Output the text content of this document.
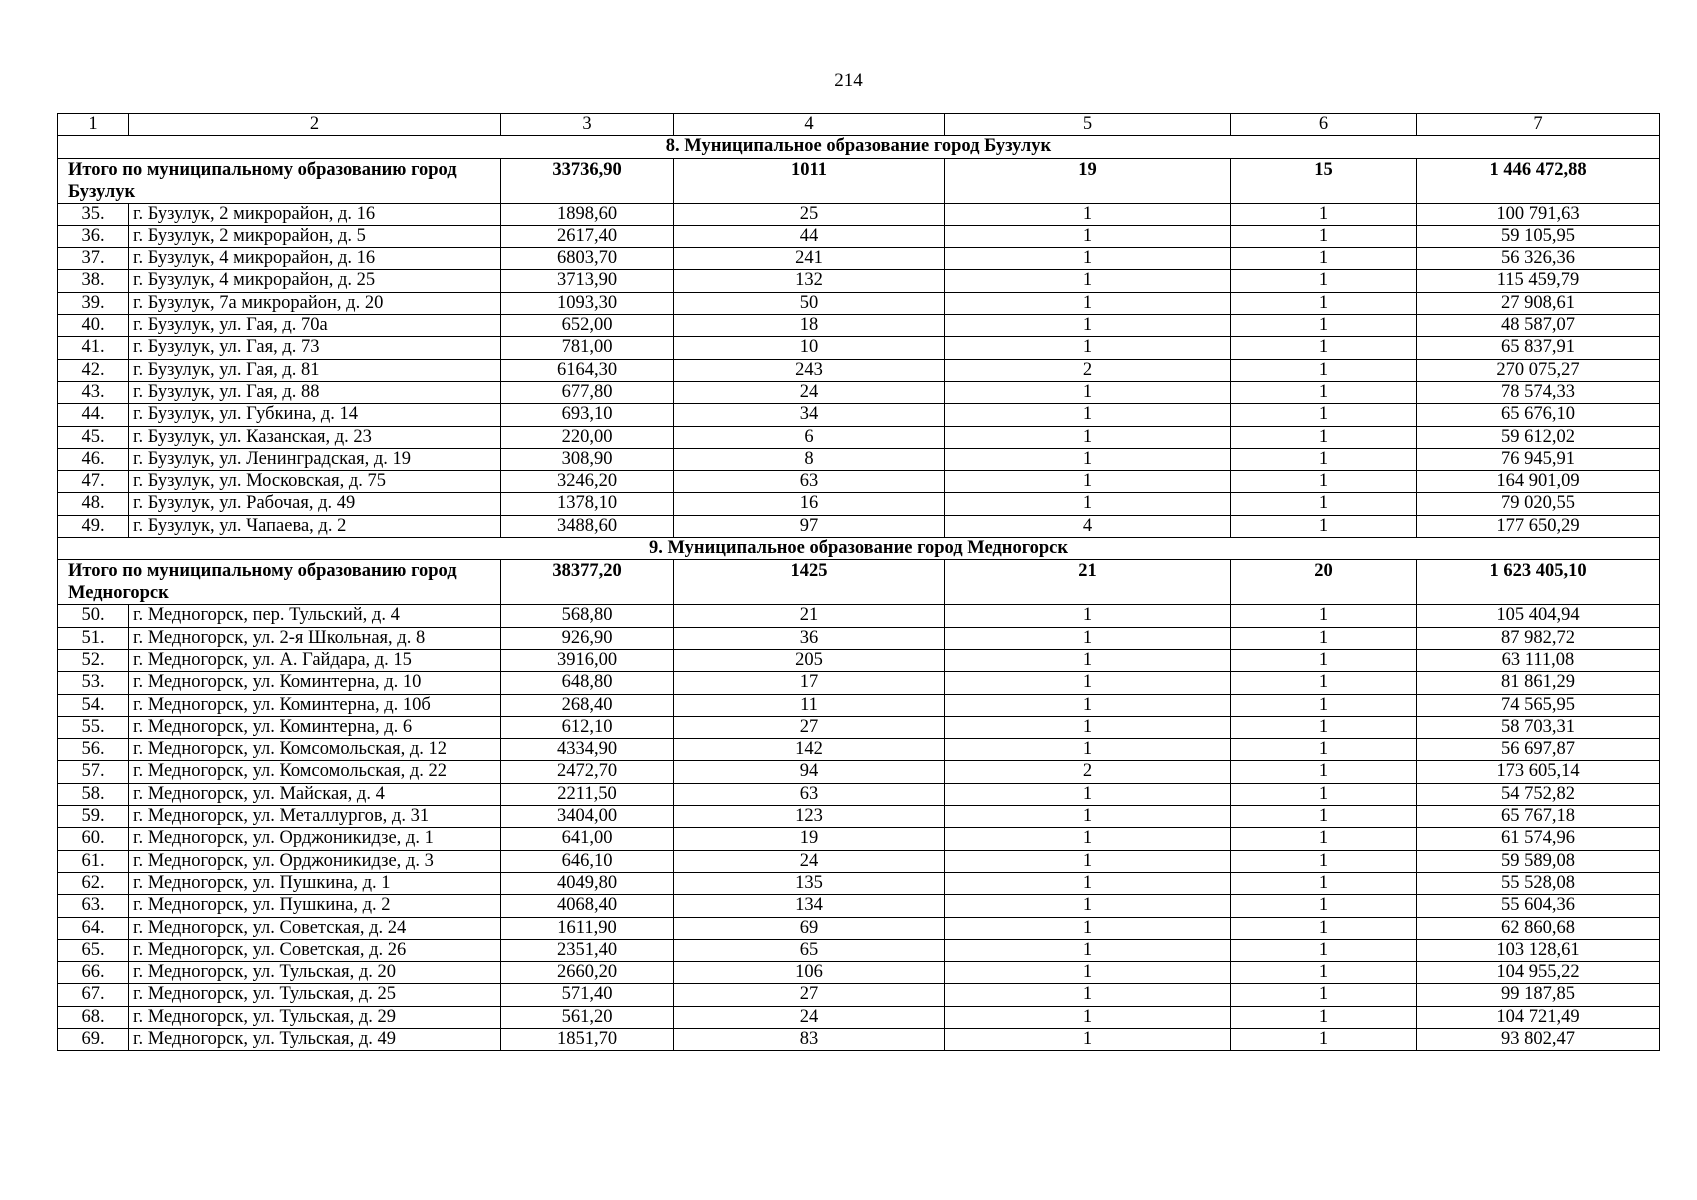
214
1	2	3	4	5	6	7
8. Муниципальное образование город Бузулук						
Итого по муниципальному образованию город Бузулук		33736,90	1011	19	15	1 446 472,88
35.	г. Бузулук, 2 микрорайон, д. 16	1898,60	25	1	1	100 791,63
36.	г. Бузулук, 2 микрорайон, д. 5	2617,40	44	1	1	59 105,95
37.	г. Бузулук, 4 микрорайон, д. 16	6803,70	241	1	1	56 326,36
38.	г. Бузулук, 4 микрорайон, д. 25	3713,90	132	1	1	115 459,79
39.	г. Бузулук, 7а микрорайон, д. 20	1093,30	50	1	1	27 908,61
40.	г. Бузулук, ул. Гая, д. 70а	652,00	18	1	1	48 587,07
41.	г. Бузулук, ул. Гая, д. 73	781,00	10	1	1	65 837,91
42.	г. Бузулук, ул. Гая, д. 81	6164,30	243	2	1	270 075,27
43.	г. Бузулук, ул. Гая, д. 88	677,80	24	1	1	78 574,33
44.	г. Бузулук, ул. Губкина, д. 14	693,10	34	1	1	65 676,10
45.	г. Бузулук, ул. Казанская, д. 23	220,00	6	1	1	59 612,02
46.	г. Бузулук, ул. Ленинградская, д. 19	308,90	8	1	1	76 945,91
47.	г. Бузулук, ул. Московская, д. 75	3246,20	63	1	1	164 901,09
48.	г. Бузулук, ул. Рабочая, д. 49	1378,10	16	1	1	79 020,55
49.	г. Бузулук, ул. Чапаева, д. 2	3488,60	97	4	1	177 650,29
9. Муниципальное образование город Медногорск						
Итого по муниципальному образованию город Медногорск		38377,20	1425	21	20	1 623 405,10
50.	г. Медногорск, пер. Тульский, д. 4	568,80	21	1	1	105 404,94
51.	г. Медногорск, ул. 2-я Школьная, д. 8	926,90	36	1	1	87 982,72
52.	г. Медногорск, ул. А. Гайдара, д. 15	3916,00	205	1	1	63 111,08
53.	г. Медногорск, ул. Коминтерна, д. 10	648,80	17	1	1	81 861,29
54.	г. Медногорск, ул. Коминтерна, д. 10б	268,40	11	1	1	74 565,95
55.	г. Медногорск, ул. Коминтерна, д. 6	612,10	27	1	1	58 703,31
56.	г. Медногорск, ул. Комсомольская, д. 12	4334,90	142	1	1	56 697,87
57.	г. Медногорск, ул. Комсомольская, д. 22	2472,70	94	2	1	173 605,14
58.	г. Медногорск, ул. Майская, д. 4	2211,50	63	1	1	54 752,82
59.	г. Медногорск, ул. Металлургов, д. 31	3404,00	123	1	1	65 767,18
60.	г. Медногорск, ул. Орджоникидзе, д. 1	641,00	19	1	1	61 574,96
61.	г. Медногорск, ул. Орджоникидзе, д. 3	646,10	24	1	1	59 589,08
62.	г. Медногорск, ул. Пушкина, д. 1	4049,80	135	1	1	55 528,08
63.	г. Медногорск, ул. Пушкина, д. 2	4068,40	134	1	1	55 604,36
64.	г. Медногорск, ул. Советская, д. 24	1611,90	69	1	1	62 860,68
65.	г. Медногорск, ул. Советская, д. 26	2351,40	65	1	1	103 128,61
66.	г. Медногорск, ул. Тульская, д. 20	2660,20	106	1	1	104 955,22
67.	г. Медногорск, ул. Тульская, д. 25	571,40	27	1	1	99 187,85
68.	г. Медногорск, ул. Тульская, д. 29	561,20	24	1	1	104 721,49
69.	г. Медногорск, ул. Тульская, д. 49	1851,70	83	1	1	93 802,47
